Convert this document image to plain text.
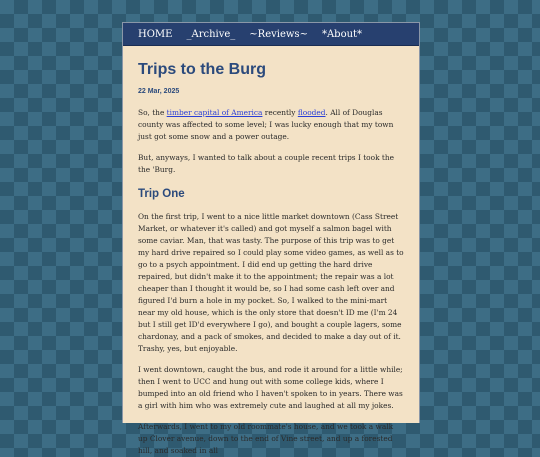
HOME _Archive_ ~Reviews~ *About*
Trips to the Burg
22 Mar, 2025

So, the timber capital of America recently flooded. All of Douglas county was affected to some level; I was lucky enough that my town just got some snow and a power outage.

But, anyways, I wanted to talk about a couple recent trips I took the the 'Burg.

Trip One

On the first trip, I went to a nice little market downtown (Cass Street Market, or whatever it's called) and got myself a salmon bagel with some caviar. Man, that was tasty. The purpose of this trip was to get my hard drive repaired so I could play some video games, as well as to go to a psych appointment. I did end up getting the hard drive repaired, but didn't make it to the appointment; the repair was a lot cheaper than I thought it would be, so I had some cash left over and figured I'd burn a hole in my pocket. So, I walked to the mini-mart near my old house, which is the only store that doesn't ID me (I'm 24 but I still get ID'd everywhere I go), and bought a couple lagers, some chardonay, and a pack of smokes, and decided to make a day out of it. Trashy, yes, but enjoyable.

I went downtown, caught the bus, and rode it around for a little while; then I went to UCC and hung out with some college kids, where I bumped into an old friend who I haven't spoken to in years. There was a girl with him who was extremely cute and laughed at all my jokes.

Afterwards, I went to my old roommate's house, and we took a walk up Clover avenue, down to the end of Vine street, and up a forested hill, and soaked in all
